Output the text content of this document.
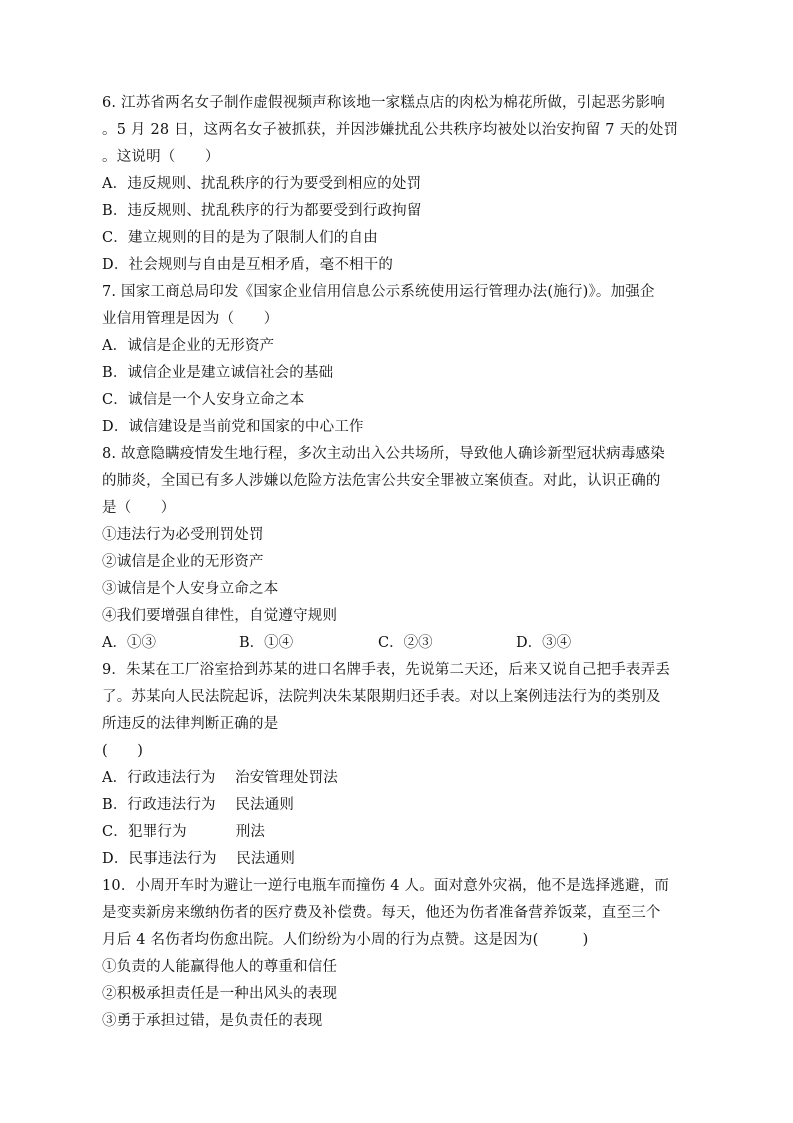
6. 江苏省两名女子制作虚假视频声称该地一家糕点店的肉松为棉花所做，引起恶劣影响
。5 月 28 日，这两名女子被抓获，并因涉嫌扰乱公共秩序均被处以治安拘留 7 天的处罚
。这说明（　　）
A．违反规则、扰乱秩序的行为要受到相应的处罚
B．违反规则、扰乱秩序的行为都要受到行政拘留
C．建立规则的目的是为了限制人们的自由
D．社会规则与自由是互相矛盾，毫不相干的
7. 国家工商总局印发《国家企业信用信息公示系统使用运行管理办法(施行)》。加强企
业信用管理是因为（　　）
A．诚信是企业的无形资产
B．诚信企业是建立诚信社会的基础
C．诚信是一个人安身立命之本
D．诚信建设是当前党和国家的中心工作
8. 故意隐瞒疫情发生地行程，多次主动出入公共场所，导致他人确诊新型冠状病毒感染
的肺炎，全国已有多人涉嫌以危险方法危害公共安全罪被立案侦查。对此，认识正确的
是（　　）
①违法行为必受刑罚处罚
②诚信是企业的无形资产
③诚信是个人安身立命之本
④我们要增强自律性，自觉遵守规则
A．①③	B．①④	C．②③	D．③④
9．朱某在工厂浴室拾到苏某的进口名牌手表，先说第二天还，后来又说自己把手表弄丢
了。苏某向人民法院起诉，法院判决朱某限期归还手表。对以上案例违法行为的类别及
所违反的法律判断正确的是
(　　)
A．行政违法行为　 治安管理处罚法
B．行政违法行为　 民法通则
C．犯罪行为　　　 刑法
D．民事违法行为　 民法通则
10．小周开车时为避让一逆行电瓶车而撞伤 4 人。面对意外灾祸，他不是选择逃避，而
是变卖新房来缴纳伤者的医疗费及补偿费。每天，他还为伤者准备营养饭菜，直至三个
月后 4 名伤者均伤愈出院。人们纷纷为小周的行为点赞。这是因为(　　　)
①负责的人能赢得他人的尊重和信任
②积极承担责任是一种出风头的表现
③勇于承担过错，是负责任的表现
